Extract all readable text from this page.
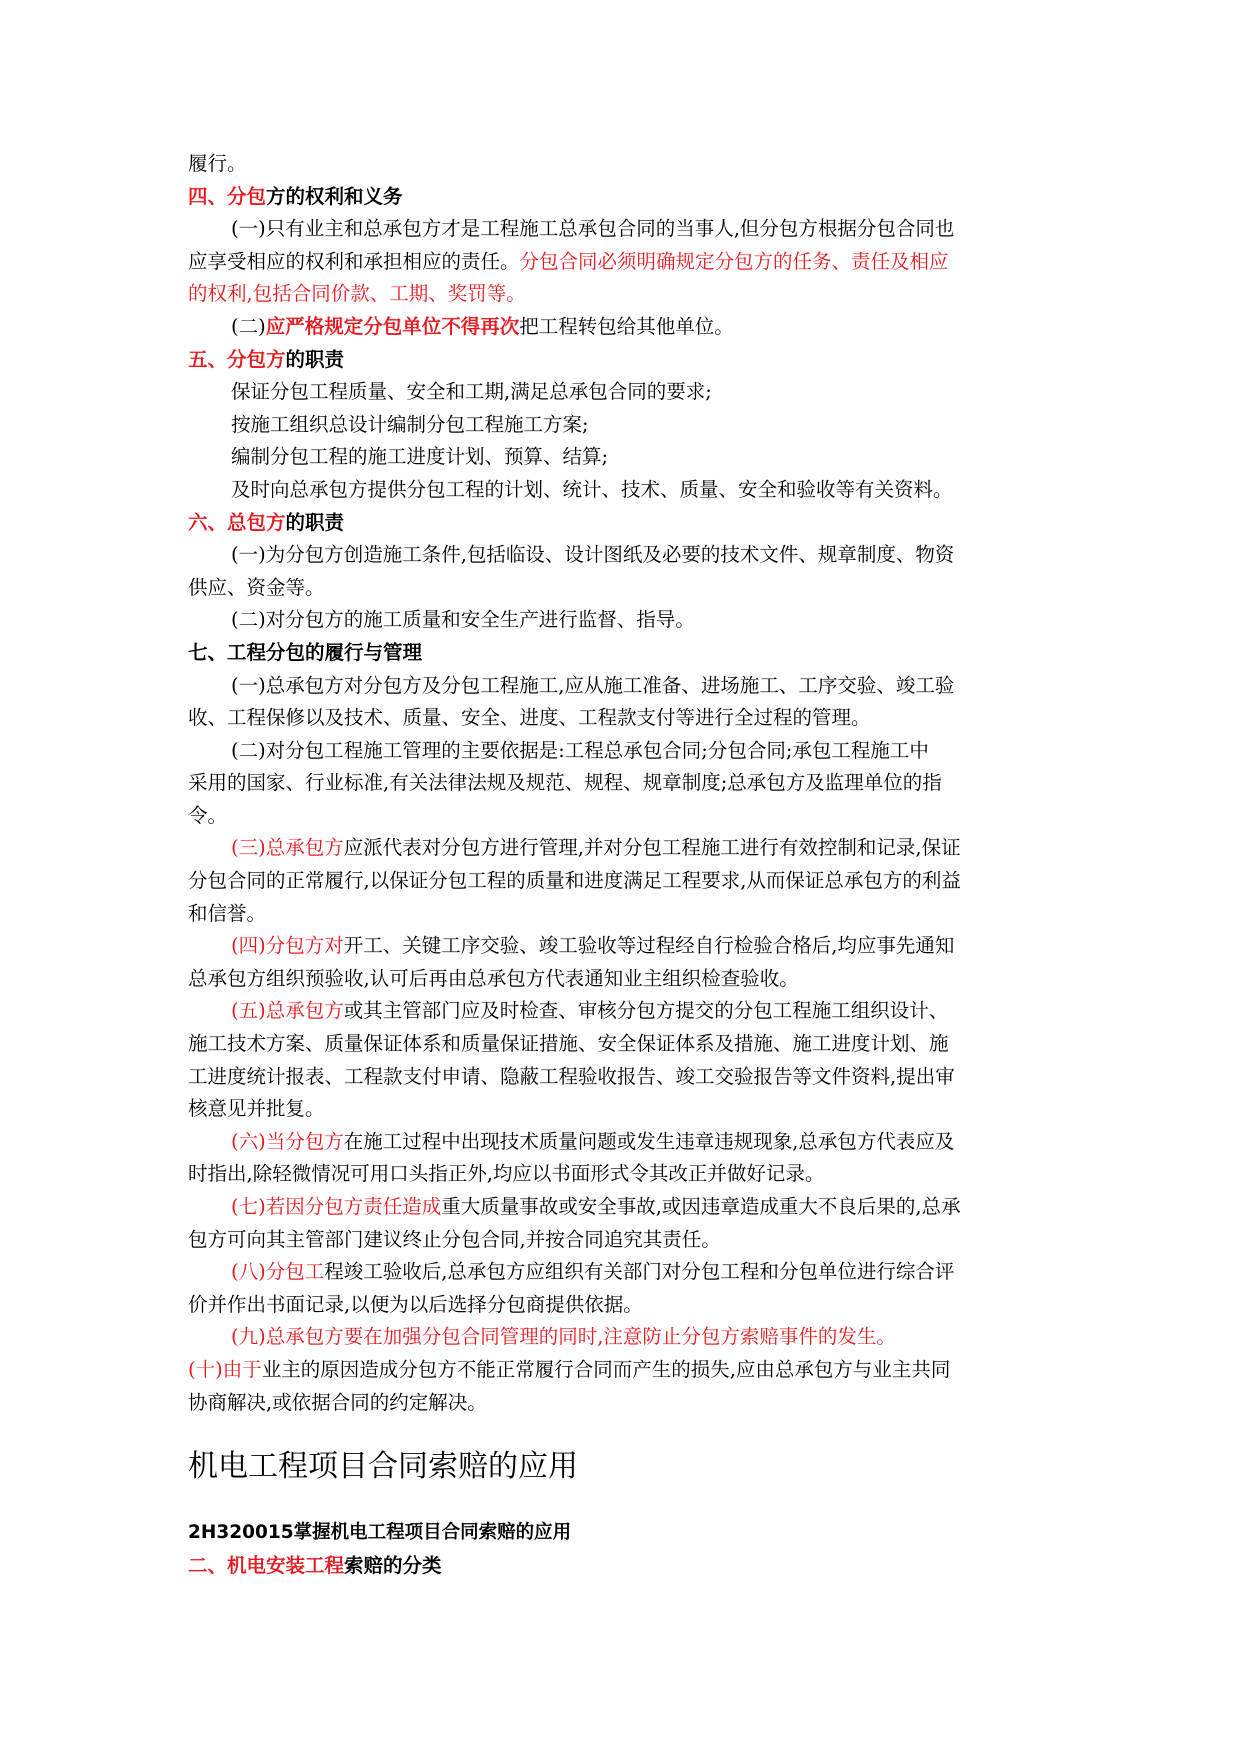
履行。
四、分包方的权利和义务
(一)只有业主和总承包方才是工程施工总承包合同的当事人,但分包方根据分包合同也
应享受相应的权利和承担相应的责任。分包合同必须明确规定分包方的任务、责任及相应
的权利,包括合同价款、工期、奖罚等。
(二)应严格规定分包单位不得再次把工程转包给其他单位。
五、分包方的职责
保证分包工程质量、安全和工期,满足总承包合同的要求;
按施工组织总设计编制分包工程施工方案;
编制分包工程的施工进度计划、预算、结算;
及时向总承包方提供分包工程的计划、统计、技术、质量、安全和验收等有关资料。
六、总包方的职责
(一)为分包方创造施工条件,包括临设、设计图纸及必要的技术文件、规章制度、物资
供应、资金等。
(二)对分包方的施工质量和安全生产进行监督、指导。
七、工程分包的履行与管理
(一)总承包方对分包方及分包工程施工,应从施工准备、进场施工、工序交验、竣工验
收、工程保修以及技术、质量、安全、进度、工程款支付等进行全过程的管理。
(二)对分包工程施工管理的主要依据是:工程总承包合同;分包合同;承包工程施工中
采用的国家、行业标准,有关法律法规及规范、规程、规章制度;总承包方及监理单位的指
令。
(三)总承包方应派代表对分包方进行管理,并对分包工程施工进行有效控制和记录,保证
分包合同的正常履行,以保证分包工程的质量和进度满足工程要求,从而保证总承包方的利益
和信誉。
(四)分包方对开工、关键工序交验、竣工验收等过程经自行检验合格后,均应事先通知
总承包方组织预验收,认可后再由总承包方代表通知业主组织检查验收。
(五)总承包方或其主管部门应及时检查、审核分包方提交的分包工程施工组织设计、
施工技术方案、质量保证体系和质量保证措施、安全保证体系及措施、施工进度计划、施
工进度统计报表、工程款支付申请、隐蔽工程验收报告、竣工交验报告等文件资料,提出审
核意见并批复。
(六)当分包方在施工过程中出现技术质量问题或发生违章违规现象,总承包方代表应及
时指出,除轻微情况可用口头指正外,均应以书面形式令其改正并做好记录。
(七)若因分包方责任造成重大质量事故或安全事故,或因违章造成重大不良后果的,总承
包方可向其主管部门建议终止分包合同,并按合同追究其责任。
(八)分包工程竣工验收后,总承包方应组织有关部门对分包工程和分包单位进行综合评
价并作出书面记录,以便为以后选择分包商提供依据。
(九)总承包方要在加强分包合同管理的同时,注意防止分包方索赔事件的发生。
(十)由于业主的原因造成分包方不能正常履行合同而产生的损失,应由总承包方与业主共同
协商解决,或依据合同的约定解决。
机电工程项目合同索赔的应用
2H320015掌握机电工程项目合同索赔的应用
二、机电安装工程索赔的分类
